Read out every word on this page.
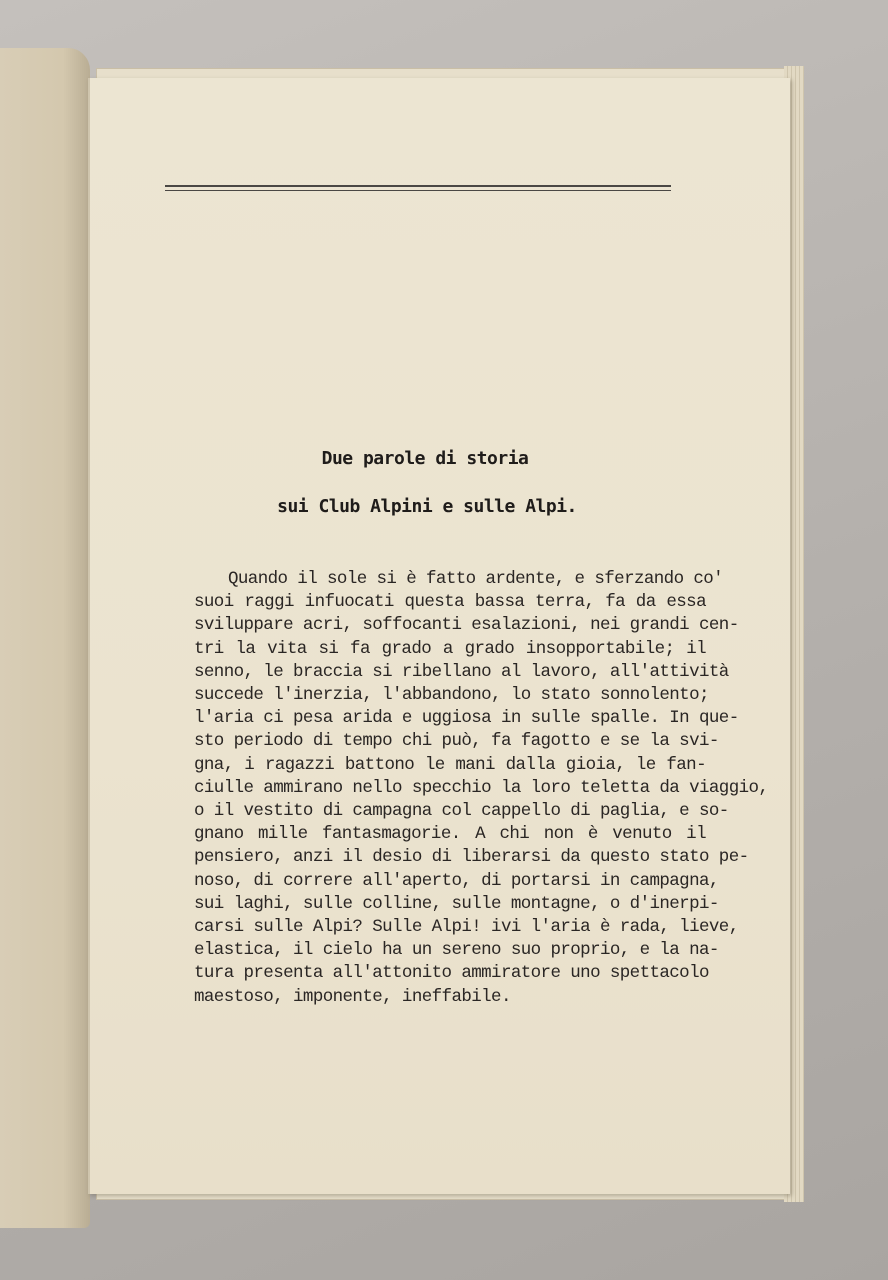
Due parole di storia
sui Club Alpini e sulle Alpi.
Quando il sole si è fatto ardente, e sferzando co'
suoi raggi infuocati questa bassa terra, fa da essa
sviluppare acri, soffocanti esalazioni, nei grandi cen-
tri la vita si fa grado a grado insopportabile; il
senno, le braccia si ribellano al lavoro, all'attività
succede l'inerzia, l'abbandono, lo stato sonnolento;
l'aria ci pesa arida e uggiosa in sulle spalle. In que-
sto periodo di tempo chi può, fa fagotto e se la svi-
gna, i ragazzi battono le mani dalla gioia, le fan-
ciulle ammirano nello specchio la loro teletta da viaggio,
o il vestito di campagna col cappello di paglia, e so-
gnano mille fantasmagorie. A chi non è venuto il
pensiero, anzi il desio di liberarsi da questo stato pe-
noso, di correre all'aperto, di portarsi in campagna,
sui laghi, sulle colline, sulle montagne, o d'inerpi-
carsi sulle Alpi? Sulle Alpi! ivi l'aria è rada, lieve,
elastica, il cielo ha un sereno suo proprio, e la na-
tura presenta all'attonito ammiratore uno spettacolo
maestoso, imponente, ineffabile.
